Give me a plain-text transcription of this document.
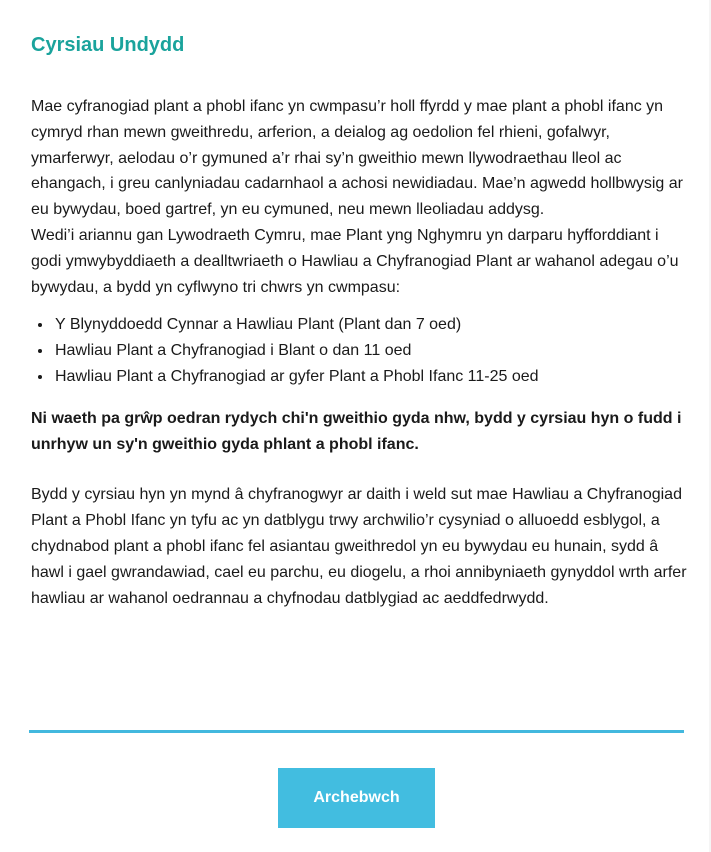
Cyrsiau Undydd

Mae cyfranogiad plant a phobl ifanc yn cwmpasu’r holl ffyrdd y mae plant a phobl ifanc yn cymryd rhan mewn gweithredu, arferion, a deialog ag oedolion fel rhieni, gofalwyr, ymarferwyr, aelodau o’r gymuned a’r rhai sy’n gweithio mewn llywodraethau lleol ac ehangach, i greu canlyniadau cadarnhaol a achosi newidiadau. Mae’n agwedd hollbwysig ar eu bywydau, boed gartref, yn eu cymuned, neu mewn lleoliadau addysg.

Wedi’i ariannu gan Lywodraeth Cymru, mae Plant yng Nghymru yn darparu hyfforddiant i godi ymwybyddiaeth a dealltwriaeth o Hawliau a Chyfranogiad Plant ar wahanol adegau o’u bywydau, a bydd yn cyflwyno tri chwrs yn cwmpasu:

• Y Blynyddoedd Cynnar a Hawliau Plant (Plant dan 7 oed)
• Hawliau Plant a Chyfranogiad i Blant o dan 11 oed
• Hawliau Plant a Chyfranogiad ar gyfer Plant a Phobl Ifanc 11-25 oed

Ni waeth pa grŵp oedran rydych chi'n gweithio gyda nhw, bydd y cyrsiau hyn o fudd i unrhyw un sy'n gweithio gyda phlant a phobl ifanc.

Bydd y cyrsiau hyn yn mynd â chyfranogwyr ar daith i weld sut mae Hawliau a Chyfranogiad Plant a Phobl Ifanc yn tyfu ac yn datblygu trwy archwilio’r cysyniad o alluoedd esblygol, a chydnabod plant a phobl ifanc fel asiantau gweithredol yn eu bywydau eu hunain, sydd â hawl i gael gwrandawiad, cael eu parchu, eu diogelu, a rhoi annibyniaeth gynyddol wrth arfer hawliau ar wahanol oedrannau a chyfnodau datblygiad ac aeddfedrwydd.

Archebwch
